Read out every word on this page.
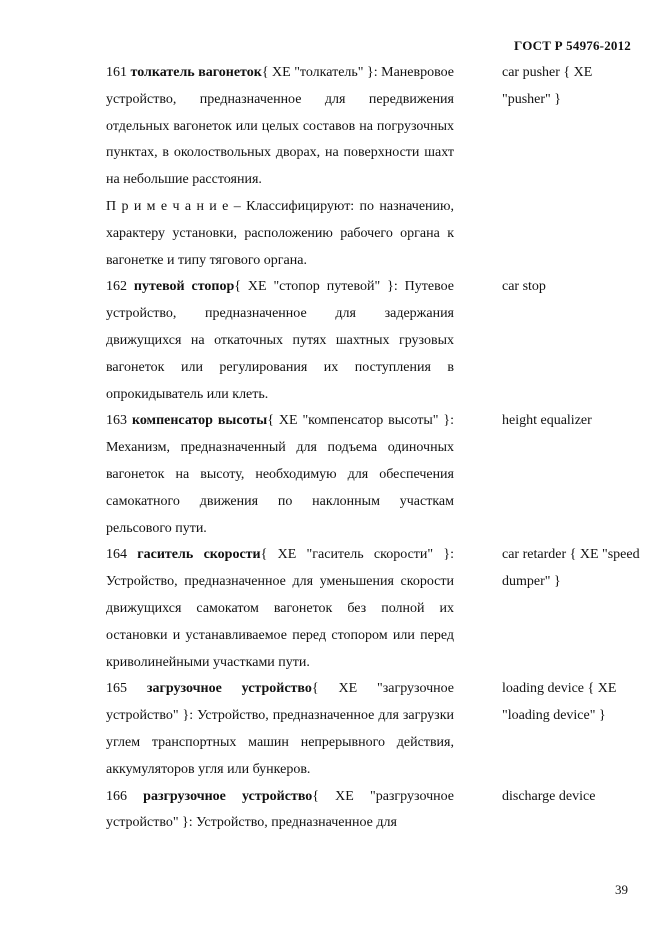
ГОСТ Р 54976-2012

161 толкатель вагонеток{ XE "толкатель" }: Маневровое устройство, предназначенное для передвижения отдельных вагонеток или целых составов на погрузочных пунктах, в околоствольных дворах, на поверхности шахт на небольшие расстояния.

П р и м е ч а н и е – Классифицируют: по назначению, характеру установки, расположению рабочего органа к вагонетке и типу тягового органа.

car pusher { XE "pusher" }

162 путевой стопор{ XE "стопор путевой" }: Путевое устройство, предназначенное для задержания движущихся на откаточных путях шахтных грузовых вагонеток или регулирования их поступления в опрокидыватель или клеть.

car stop

163 компенсатор высоты{ XE "компенсатор высоты" }: Механизм, предназначенный для подъема одиночных вагонеток на высоту, необходимую для обеспечения самокатного движения по наклонным участкам рельсового пути.

height equalizer

164 гаситель скорости{ XE "гаситель скорости" }: Устройство, предназначенное для уменьшения скорости движущихся самокатом вагонеток без полной их остановки и устанавливаемое перед стопором или перед криволинейными участками пути.

car retarder { XE "speed dumper" }

165 загрузочное устройство{ XE "загрузочное устройство" }: Устройство, предназначенное для загрузки углем транспортных машин непрерывного действия, аккумуляторов угля или бункеров.

loading device { XE "loading device" }

166 разгрузочное устройство{ XE "разгрузочное устройство" }: Устройство, предназначенное для

discharge device

39
